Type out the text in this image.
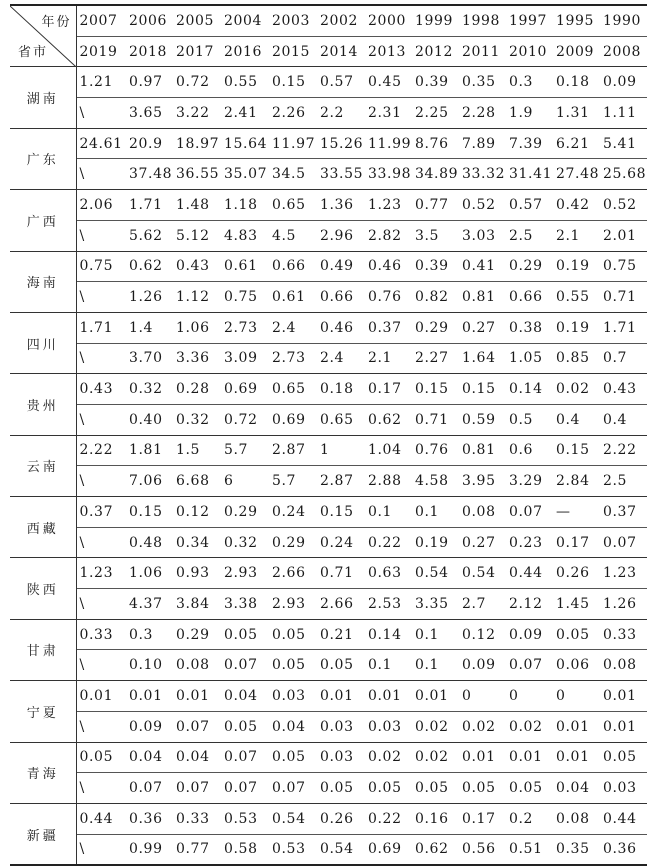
年份
省市	2007	2006	2005	2004	2003	2002	2000	1999	1998	1997	1995	1990
	2019	2018	2017	2016	2015	2014	2013	2012	2011	2010	2009	2008
湖南	1.21	0.97	0.72	0.55	0.15	0.57	0.45	0.39	0.35	0.3	0.18	0.09
	\	3.65	3.22	2.41	2.26	2.2	2.31	2.25	2.28	1.9	1.31	1.11
广东	24.61	20.9	18.97	15.64	11.97	15.26	11.99	8.76	7.89	7.39	6.21	5.41
	\	37.48	36.55	35.07	34.5	33.55	33.98	34.89	33.32	31.41	27.48	25.68
广西	2.06	1.71	1.48	1.18	0.65	1.36	1.23	0.77	0.52	0.57	0.42	0.52
	\	5.62	5.12	4.83	4.5	2.96	2.82	3.5	3.03	2.5	2.1	2.01
海南	0.75	0.62	0.43	0.61	0.66	0.49	0.46	0.39	0.41	0.29	0.19	0.75
	\	1.26	1.12	0.75	0.61	0.66	0.76	0.82	0.81	0.66	0.55	0.71
四川	1.71	1.4	1.06	2.73	2.4	0.46	0.37	0.29	0.27	0.38	0.19	1.71
	\	3.70	3.36	3.09	2.73	2.4	2.1	2.27	1.64	1.05	0.85	0.7
贵州	0.43	0.32	0.28	0.69	0.65	0.18	0.17	0.15	0.15	0.14	0.02	0.43
	\	0.40	0.32	0.72	0.69	0.65	0.62	0.71	0.59	0.5	0.4	0.4
云南	2.22	1.81	1.5	5.7	2.87	1	1.04	0.76	0.81	0.6	0.15	2.22
	\	7.06	6.68	6	5.7	2.87	2.88	4.58	3.95	3.29	2.84	2.5
西藏	0.37	0.15	0.12	0.29	0.24	0.15	0.1	0.1	0.08	0.07	—	0.37
	\	0.48	0.34	0.32	0.29	0.24	0.22	0.19	0.27	0.23	0.17	0.07
陕西	1.23	1.06	0.93	2.93	2.66	0.71	0.63	0.54	0.54	0.44	0.26	1.23
	\	4.37	3.84	3.38	2.93	2.66	2.53	3.35	2.7	2.12	1.45	1.26
甘肃	0.33	0.3	0.29	0.05	0.05	0.21	0.14	0.1	0.12	0.09	0.05	0.33
	\	0.10	0.08	0.07	0.05	0.05	0.1	0.1	0.09	0.07	0.06	0.08
宁夏	0.01	0.01	0.01	0.04	0.03	0.01	0.01	0.01	0	0	0	0.01
	\	0.09	0.07	0.05	0.04	0.03	0.03	0.02	0.02	0.02	0.01	0.01
青海	0.05	0.04	0.04	0.07	0.05	0.03	0.02	0.02	0.01	0.01	0.01	0.05
	\	0.07	0.07	0.07	0.07	0.05	0.05	0.05	0.05	0.05	0.04	0.03
新疆	0.44	0.36	0.33	0.53	0.54	0.26	0.22	0.16	0.17	0.2	0.08	0.44
	\	0.99	0.77	0.58	0.53	0.54	0.69	0.62	0.56	0.51	0.35	0.36
